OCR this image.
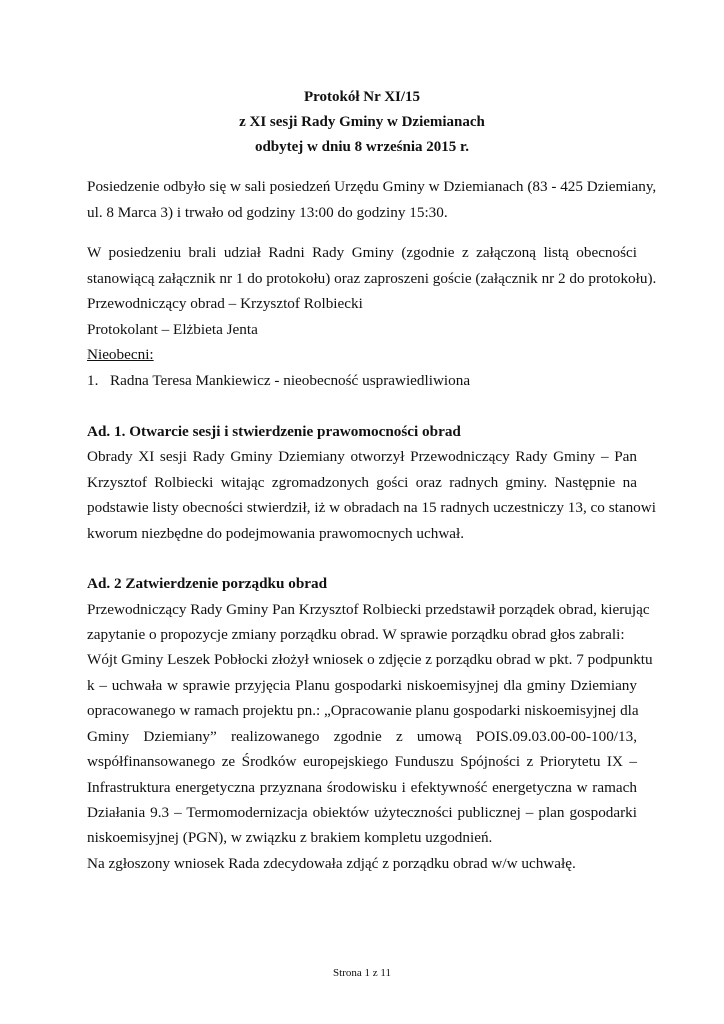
Protokół Nr XI/15
z XI sesji Rady Gminy w Dziemianach
odbytej w dniu 8 września 2015 r.
Posiedzenie odbyło się w sali posiedzeń Urzędu Gminy w Dziemianach (83 - 425 Dziemiany,
ul. 8 Marca 3) i trwało od godziny 13:00 do godziny 15:30.
W posiedzeniu brali udział Radni Rady Gminy (zgodnie z załączoną listą obecności
stanowiącą załącznik nr 1 do protokołu) oraz zaproszeni goście (załącznik nr 2 do protokołu).
Przewodniczący obrad – Krzysztof Rolbiecki
Protokolant – Elżbieta Jenta
Nieobecni:
1. Radna Teresa Mankiewicz - nieobecność usprawiedliwiona
Ad. 1. Otwarcie sesji i stwierdzenie prawomocności obrad
Obrady XI sesji Rady Gminy Dziemiany otworzył Przewodniczący Rady Gminy – Pan
Krzysztof Rolbiecki witając zgromadzonych gości oraz radnych gminy. Następnie na
podstawie listy obecności stwierdził, iż w obradach na 15 radnych uczestniczy 13, co stanowi
kworum niezbędne do podejmowania prawomocnych uchwał.
Ad. 2 Zatwierdzenie porządku obrad
Przewodniczący Rady Gminy Pan Krzysztof Rolbiecki przedstawił porządek obrad, kierując
zapytanie o propozycje zmiany porządku obrad. W sprawie porządku obrad głos zabrali:
Wójt Gminy Leszek Pobłocki złożył wniosek o zdjęcie z porządku obrad w pkt. 7 podpunktu
k – uchwała w sprawie przyjęcia Planu gospodarki niskoemisyjnej dla gminy Dziemiany
opracowanego w ramach projektu pn.: „Opracowanie planu gospodarki niskoemisyjnej dla
Gminy Dziemiany” realizowanego zgodnie z umową POIS.09.03.00-00-100/13,
współfinansowanego ze Środków europejskiego Funduszu Spójności z Priorytetu IX –
Infrastruktura energetyczna przyznana środowisku i efektywność energetyczna w ramach
Działania 9.3 – Termomodernizacja obiektów użyteczności publicznej – plan gospodarki
niskoemisyjnej (PGN), w związku z brakiem kompletu uzgodnień.
Na zgłoszony wniosek Rada zdecydowała zdjąć z porządku obrad w/w uchwałę.
Strona 1 z 11
